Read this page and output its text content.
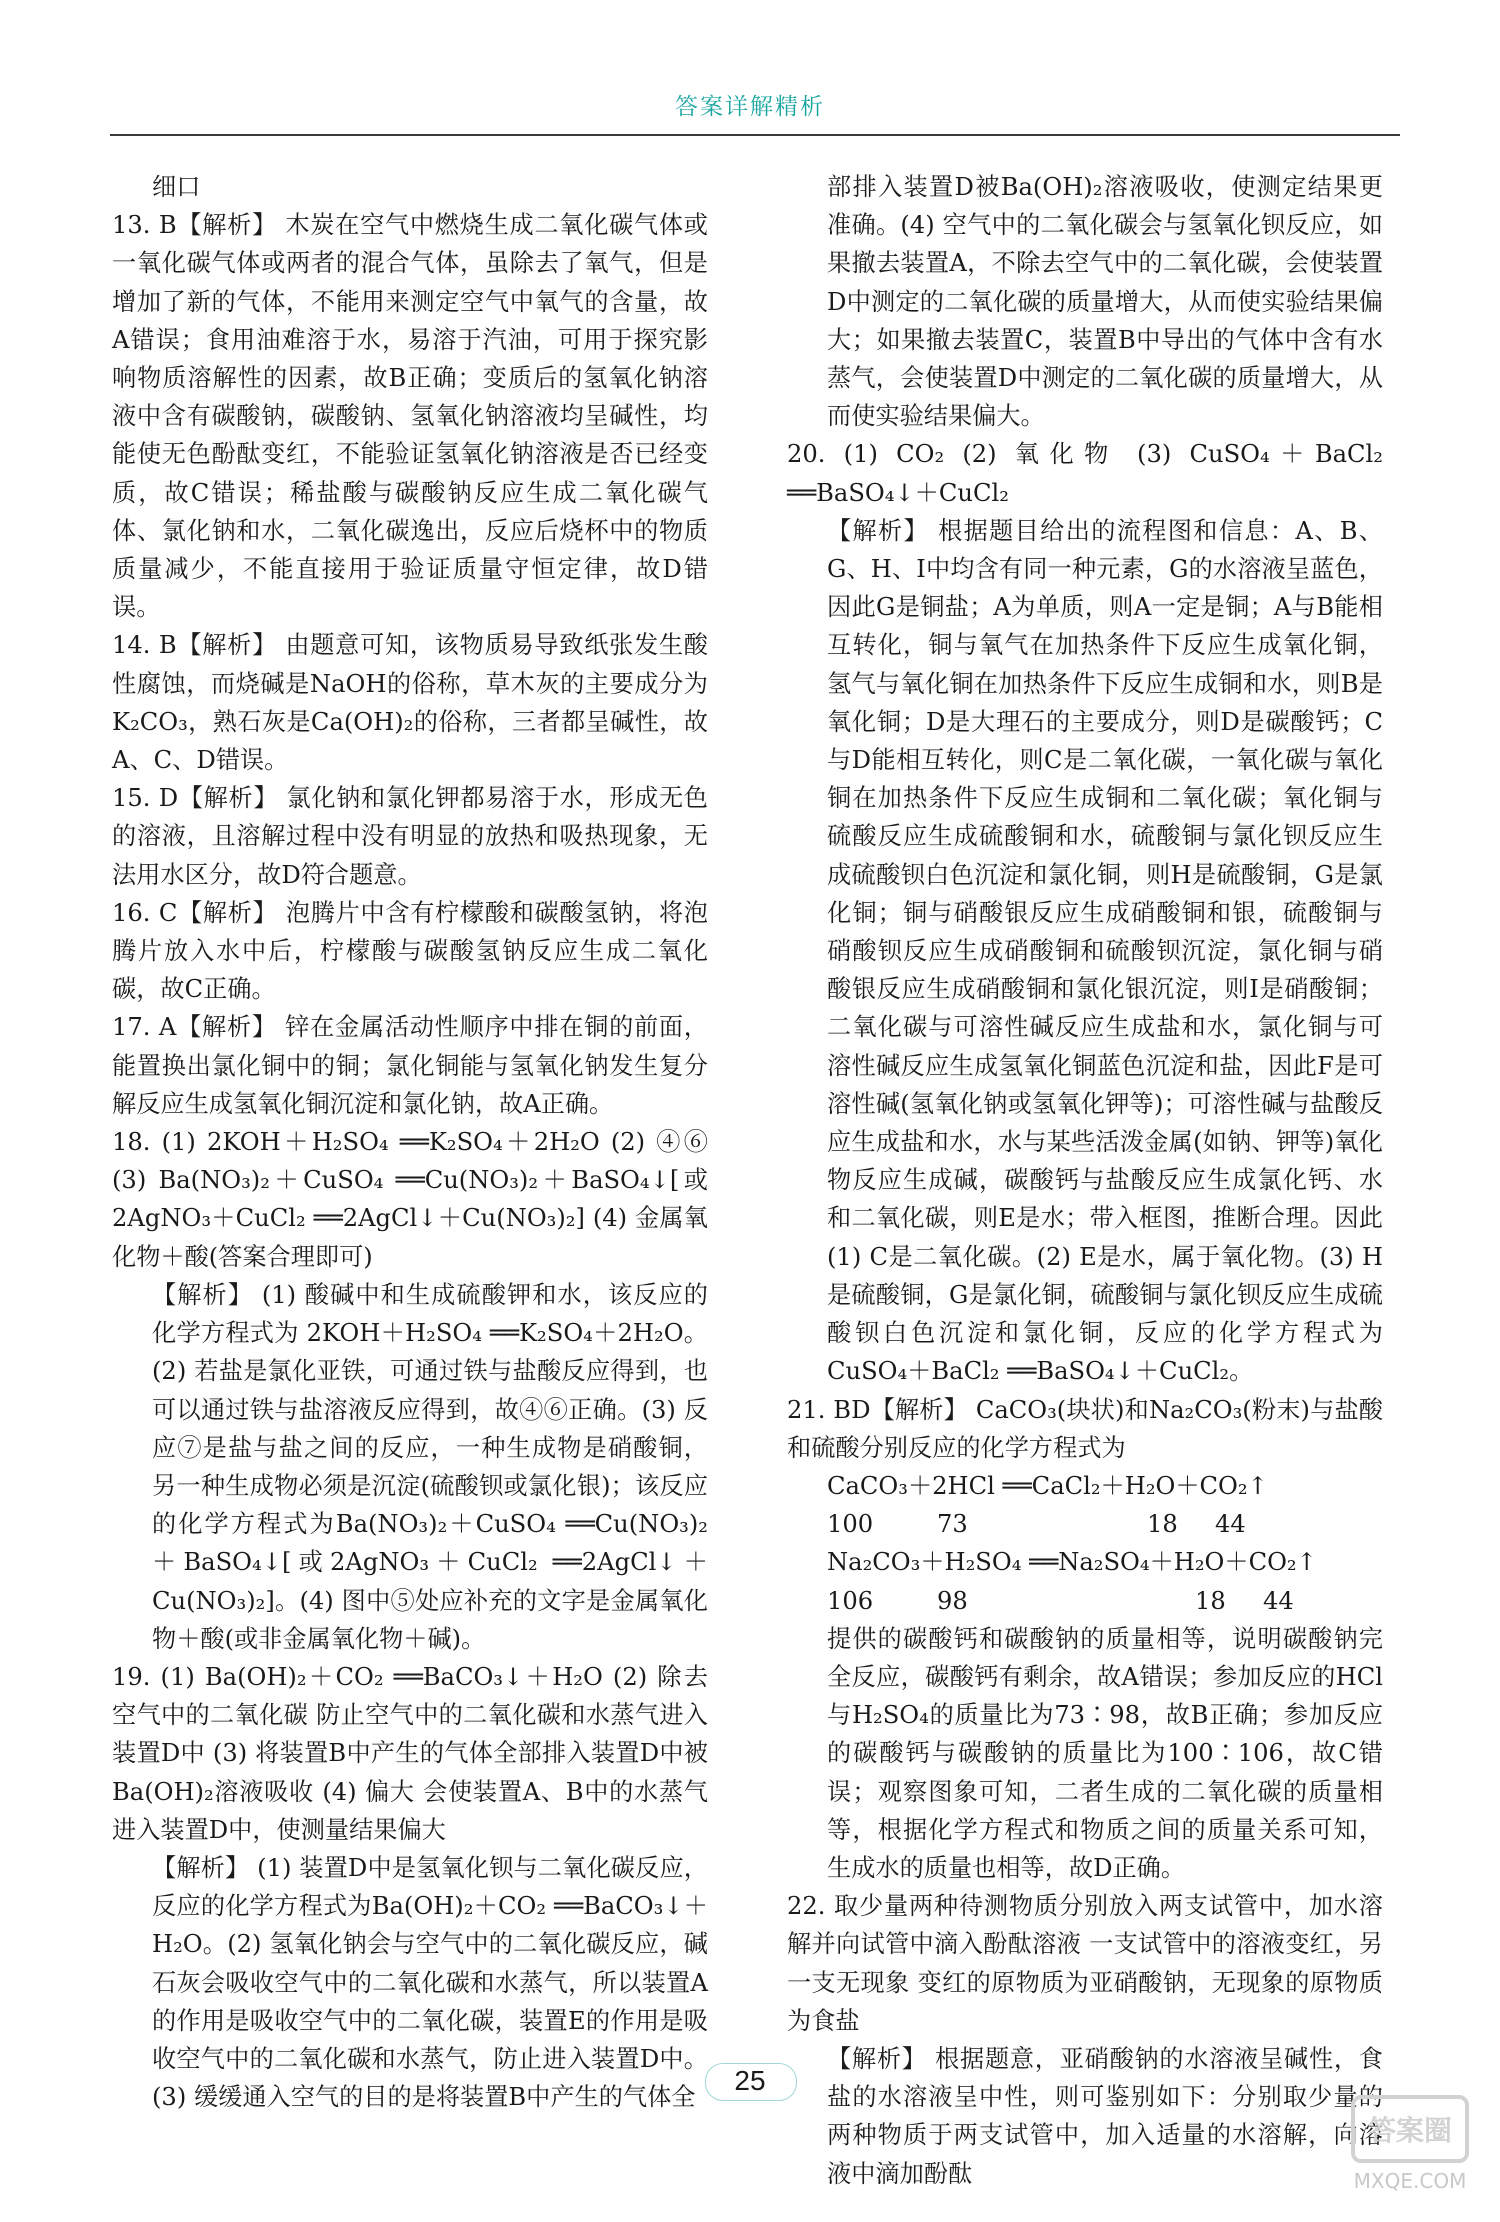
答案详解精析

细口

13. B【解析】 木炭在空气中燃烧生成二氧化碳气体或一氧化碳气体或两者的混合气体，虽除去了氧气，但是增加了新的气体，不能用来测定空气中氧气的含量，故A错误；食用油难溶于水，易溶于汽油，可用于探究影响物质溶解性的因素，故B正确；变质后的氢氧化钠溶液中含有碳酸钠，碳酸钠、氢氧化钠溶液均呈碱性，均能使无色酚酞变红，不能验证氢氧化钠溶液是否已经变质，故C错误；稀盐酸与碳酸钠反应生成二氧化碳气体、氯化钠和水，二氧化碳逸出，反应后烧杯中的物质质量减少，不能直接用于验证质量守恒定律，故D错误。

14. B【解析】 由题意可知，该物质易导致纸张发生酸性腐蚀，而烧碱是NaOH的俗称，草木灰的主要成分为K₂CO₃，熟石灰是Ca(OH)₂的俗称，三者都呈碱性，故A、C、D错误。

15. D【解析】 氯化钠和氯化钾都易溶于水，形成无色的溶液，且溶解过程中没有明显的放热和吸热现象，无法用水区分，故D符合题意。

16. C【解析】 泡腾片中含有柠檬酸和碳酸氢钠，将泡腾片放入水中后，柠檬酸与碳酸氢钠反应生成二氧化碳，故C正确。

17. A【解析】 锌在金属活动性顺序中排在铜的前面，能置换出氯化铜中的铜；氯化铜能与氢氧化钠发生复分解反应生成氢氧化铜沉淀和氯化钠，故A正确。

18. (1) 2KOH＋H₂SO₄ ══K₂SO₄＋2H₂O (2) ④⑥ (3) Ba(NO₃)₂＋CuSO₄ ══Cu(NO₃)₂＋BaSO₄↓[或2AgNO₃＋CuCl₂ ══2AgCl↓＋Cu(NO₃)₂] (4) 金属氧化物＋酸(答案合理即可)

【解析】 (1) 酸碱中和生成硫酸钾和水，该反应的化学方程式为 2KOH＋H₂SO₄ ══K₂SO₄＋2H₂O。(2) 若盐是氯化亚铁，可通过铁与盐酸反应得到，也可以通过铁与盐溶液反应得到，故④⑥正确。(3) 反应⑦是盐与盐之间的反应，一种生成物是硝酸铜，另一种生成物必须是沉淀(硫酸钡或氯化银)；该反应的化学方程式为Ba(NO₃)₂＋CuSO₄ ══Cu(NO₃)₂＋BaSO₄↓[或2AgNO₃＋CuCl₂ ══2AgCl↓＋Cu(NO₃)₂]。(4) 图中⑤处应补充的文字是金属氧化物＋酸(或非金属氧化物＋碱)。

19. (1) Ba(OH)₂＋CO₂ ══BaCO₃↓＋H₂O (2) 除去空气中的二氧化碳 防止空气中的二氧化碳和水蒸气进入装置D中 (3) 将装置B中产生的气体全部排入装置D中被Ba(OH)₂溶液吸收 (4) 偏大 会使装置A、B中的水蒸气进入装置D中，使测量结果偏大

【解析】 (1) 装置D中是氢氧化钡与二氧化碳反应，反应的化学方程式为Ba(OH)₂＋CO₂ ══BaCO₃↓＋H₂O。(2) 氢氧化钠会与空气中的二氧化碳反应，碱石灰会吸收空气中的二氧化碳和水蒸气，所以装置A的作用是吸收空气中的二氧化碳，装置E的作用是吸收空气中的二氧化碳和水蒸气，防止进入装置D中。(3) 缓缓通入空气的目的是将装置B中产生的气体全

部排入装置D被Ba(OH)₂溶液吸收，使测定结果更准确。(4) 空气中的二氧化碳会与氢氧化钡反应，如果撤去装置A，不除去空气中的二氧化碳，会使装置D中测定的二氧化碳的质量增大，从而使实验结果偏大；如果撤去装置C，装置B中导出的气体中含有水蒸气，会使装置D中测定的二氧化碳的质量增大，从而使实验结果偏大。

20. (1) CO₂ (2) 氧化物 (3) CuSO₄＋BaCl₂ ══BaSO₄↓＋CuCl₂

【解析】 根据题目给出的流程图和信息：A、B、G、H、I中均含有同一种元素，G的水溶液呈蓝色，因此G是铜盐；A为单质，则A一定是铜；A与B能相互转化，铜与氧气在加热条件下反应生成氧化铜，氢气与氧化铜在加热条件下反应生成铜和水，则B是氧化铜；D是大理石的主要成分，则D是碳酸钙；C与D能相互转化，则C是二氧化碳，一氧化碳与氧化铜在加热条件下反应生成铜和二氧化碳；氧化铜与硫酸反应生成硫酸铜和水，硫酸铜与氯化钡反应生成硫酸钡白色沉淀和氯化铜，则H是硫酸铜，G是氯化铜；铜与硝酸银反应生成硝酸铜和银，硫酸铜与硝酸钡反应生成硝酸铜和硫酸钡沉淀，氯化铜与硝酸银反应生成硝酸铜和氯化银沉淀，则I是硝酸铜；二氧化碳与可溶性碱反应生成盐和水，氯化铜与可溶性碱反应生成氢氧化铜蓝色沉淀和盐，因此F是可溶性碱(氢氧化钠或氢氧化钾等)；可溶性碱与盐酸反应生成盐和水，水与某些活泼金属(如钠、钾等)氧化物反应生成碱，碳酸钙与盐酸反应生成氯化钙、水和二氧化碳，则E是水；带入框图，推断合理。因此(1) C是二氧化碳。(2) E是水，属于氧化物。(3) H是硫酸铜，G是氯化铜，硫酸铜与氯化钡反应生成硫酸钡白色沉淀和氯化铜，反应的化学方程式为CuSO₄＋BaCl₂ ══BaSO₄↓＋CuCl₂。

21. BD【解析】 CaCO₃(块状)和Na₂CO₃(粉末)与盐酸和硫酸分别反应的化学方程式为

CaCO₃＋2HCl ══CaCl₂＋H₂O＋CO₂↑
100	73	18	44
Na₂CO₃＋H₂SO₄ ══Na₂SO₄＋H₂O＋CO₂↑
106	98	18	44

提供的碳酸钙和碳酸钠的质量相等，说明碳酸钠完全反应，碳酸钙有剩余，故A错误；参加反应的HCl与H₂SO₄的质量比为73∶98，故B正确；参加反应的碳酸钙与碳酸钠的质量比为100∶106，故C错误；观察图象可知，二者生成的二氧化碳的质量相等，根据化学方程式和物质之间的质量关系可知，生成水的质量也相等，故D正确。

22. 取少量两种待测物质分别放入两支试管中，加水溶解并向试管中滴入酚酞溶液 一支试管中的溶液变红，另一支无现象 变红的原物质为亚硝酸钠，无现象的原物质为食盐

【解析】 根据题意，亚硝酸钠的水溶液呈碱性，食盐的水溶液呈中性，则可鉴别如下：分别取少量的两种物质于两支试管中，加入适量的水溶解，向溶液中滴加酚酞

25
答案圈
MXQE.COM
